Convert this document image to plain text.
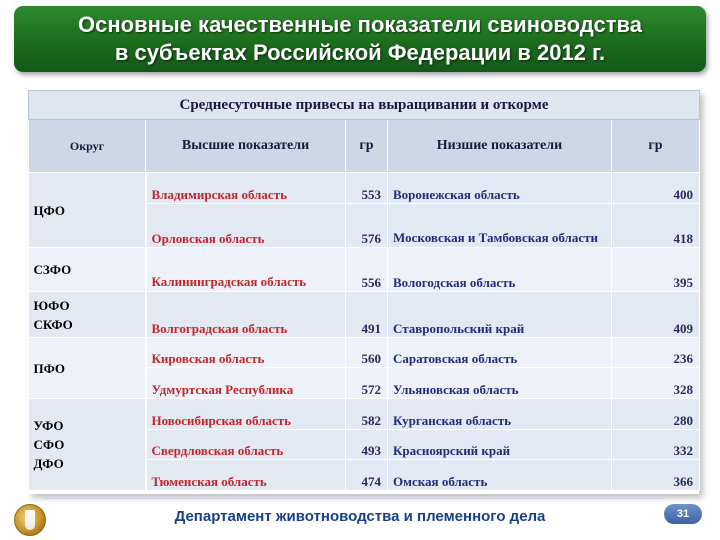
Основные качественные показатели свиноводства
в субъектах Российской Федерации в 2012 г.
Среднесуточные привесы на выращивании и откорме				
Округ	Высшие показатели	гр	Низшие показатели	гр

ЦФО	Владимирская область	553	Воронежская область	400
	Орловская область	576	Московская и Тамбовская области	418

СЗФО	Калининградская область	556	Вологодская область	395

ЮФО
СКФО	Волгоградская область	491	Ставропольский край	409

ПФО	Кировская область	560	Саратовская область	236
	Удмуртская Республика	572	Ульяновская область	328

УФО
СФО
ДФО	Новосибирская область	582	Курганская область	280
	Свердловская область	493	Красноярский край	332
	Тюменская область	474	Омская область	366
Департамент животноводства и племенного дела	31
